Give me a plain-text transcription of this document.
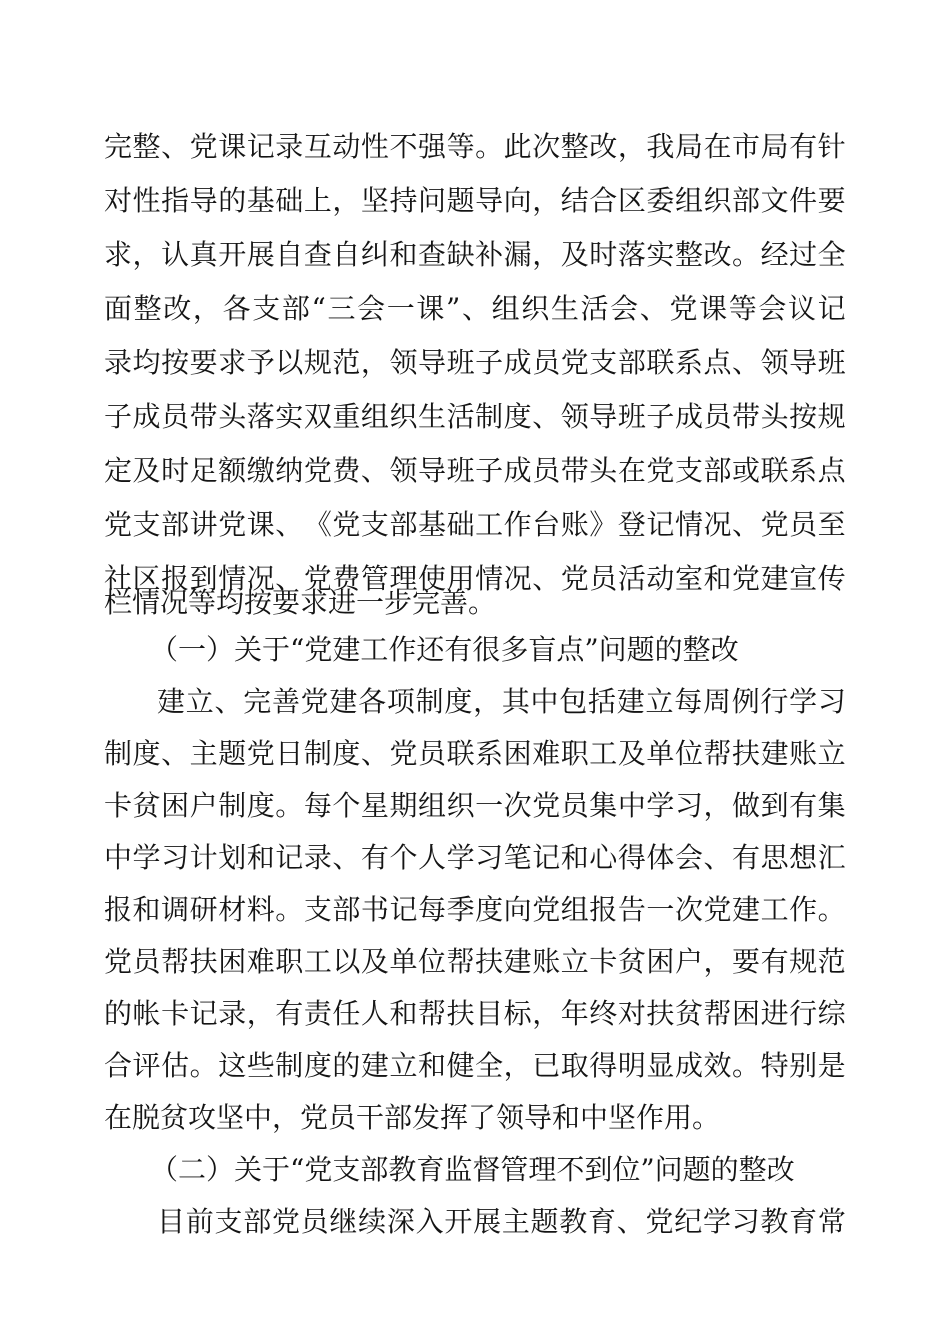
完 整 、 党 课 记 录 互 动 性 不 强 等 。 此 次 整 改 ， 我 局 在 市 局 有 针
对 性 指 导 的 基 础 上 ， 坚 持 问 题 导 向 ， 结 合 区 委 组 织 部 文 件 要
求 ， 认 真 开 展 自 查 自 纠 和 查 缺 补 漏 ， 及 时 落 实 整 改 。 经 过 全
面 整 改 ， 各 支 部 “ 三 会 一 课 ” 、 组 织 生 活 会 、 党 课 等 会 议 记
录 均 按 要 求 予 以 规 范 ， 领 导 班 子 成 员 党 支 部 联 系 点 、 领 导 班
子 成 员 带 头 落 实 双 重 组 织 生 活 制 度 、 领 导 班 子 成 员 带 头 按 规
定 及 时 足 额 缴 纳 党 费 、 领 导 班 子 成 员 带 头 在 党 支 部 或 联 系 点
党 支 部 讲 党 课 、 《 党 支 部 基 础 工 作 台 账 》 登 记 情 况 、 党 员 至
社 区 报 到 情 况 、 党 费 管 理 使 用 情 况 、 党 员 活 动 室 和 党 建 宣 传
栏情况等均按要求进一步完善。
（一）关于“党建工作还有很多盲点”问题的整改
建 立 、 完 善 党 建 各 项 制 度 ， 其 中 包 括 建 立 每 周 例 行 学 习
制 度 、 主 题 党 日 制 度 、 党 员 联 系 困 难 职 工 及 单 位 帮 扶 建 账 立
卡 贫 困 户 制 度 。 每 个 星 期 组 织 一 次 党 员 集 中 学 习 ， 做 到 有 集
中 学 习 计 划 和 记 录 、 有 个 人 学 习 笔 记 和 心 得 体 会 、 有 思 想 汇
报 和 调 研 材 料 。 支 部 书 记 每 季 度 向 党 组 报 告 一 次 党 建 工 作 。
党 员 帮 扶 困 难 职 工 以 及 单 位 帮 扶 建 账 立 卡 贫 困 户 ， 要 有 规 范
的 帐 卡 记 录 ， 有 责 任 人 和 帮 扶 目 标 ， 年 终 对 扶 贫 帮 困 进 行 综
合 评 估 。 这 些 制 度 的 建 立 和 健 全 ， 已 取 得 明 显 成 效 。 特 别 是
在脱贫攻坚中，党员干部发挥了领导和中坚作用。
（二）关于“党支部教育监督管理不到位”问题的整改
目 前 支 部 党 员 继 续 深 入 开 展 主 题 教 育 、 党 纪 学 习 教 育 常
